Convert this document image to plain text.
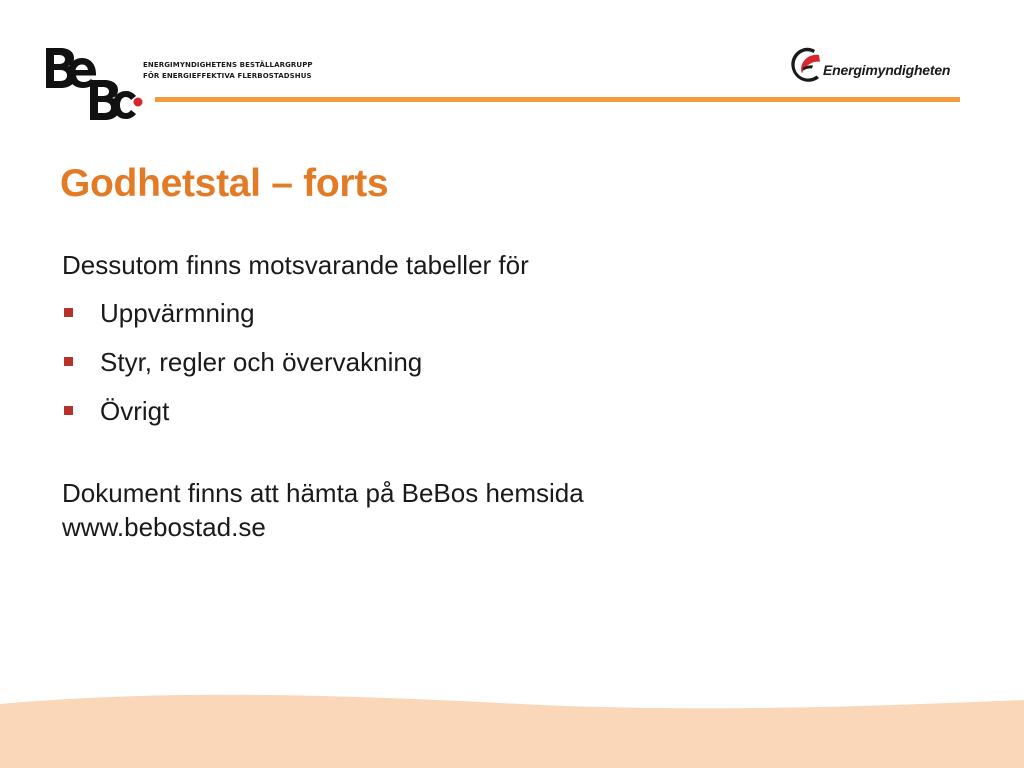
ENERGIMYNDIGHETENS BESTÄLLARGRUPP
FÖR ENERGIEFFEKTIVA FLERBOSTADSHUS	Energimyndigheten
Godhetstal – forts

Dessutom finns motsvarande tabeller för

Uppvärmning
Styr, regler och övervakning
Övrigt

Dokument finns att hämta på BeBos hemsida

www.bebostad.se
